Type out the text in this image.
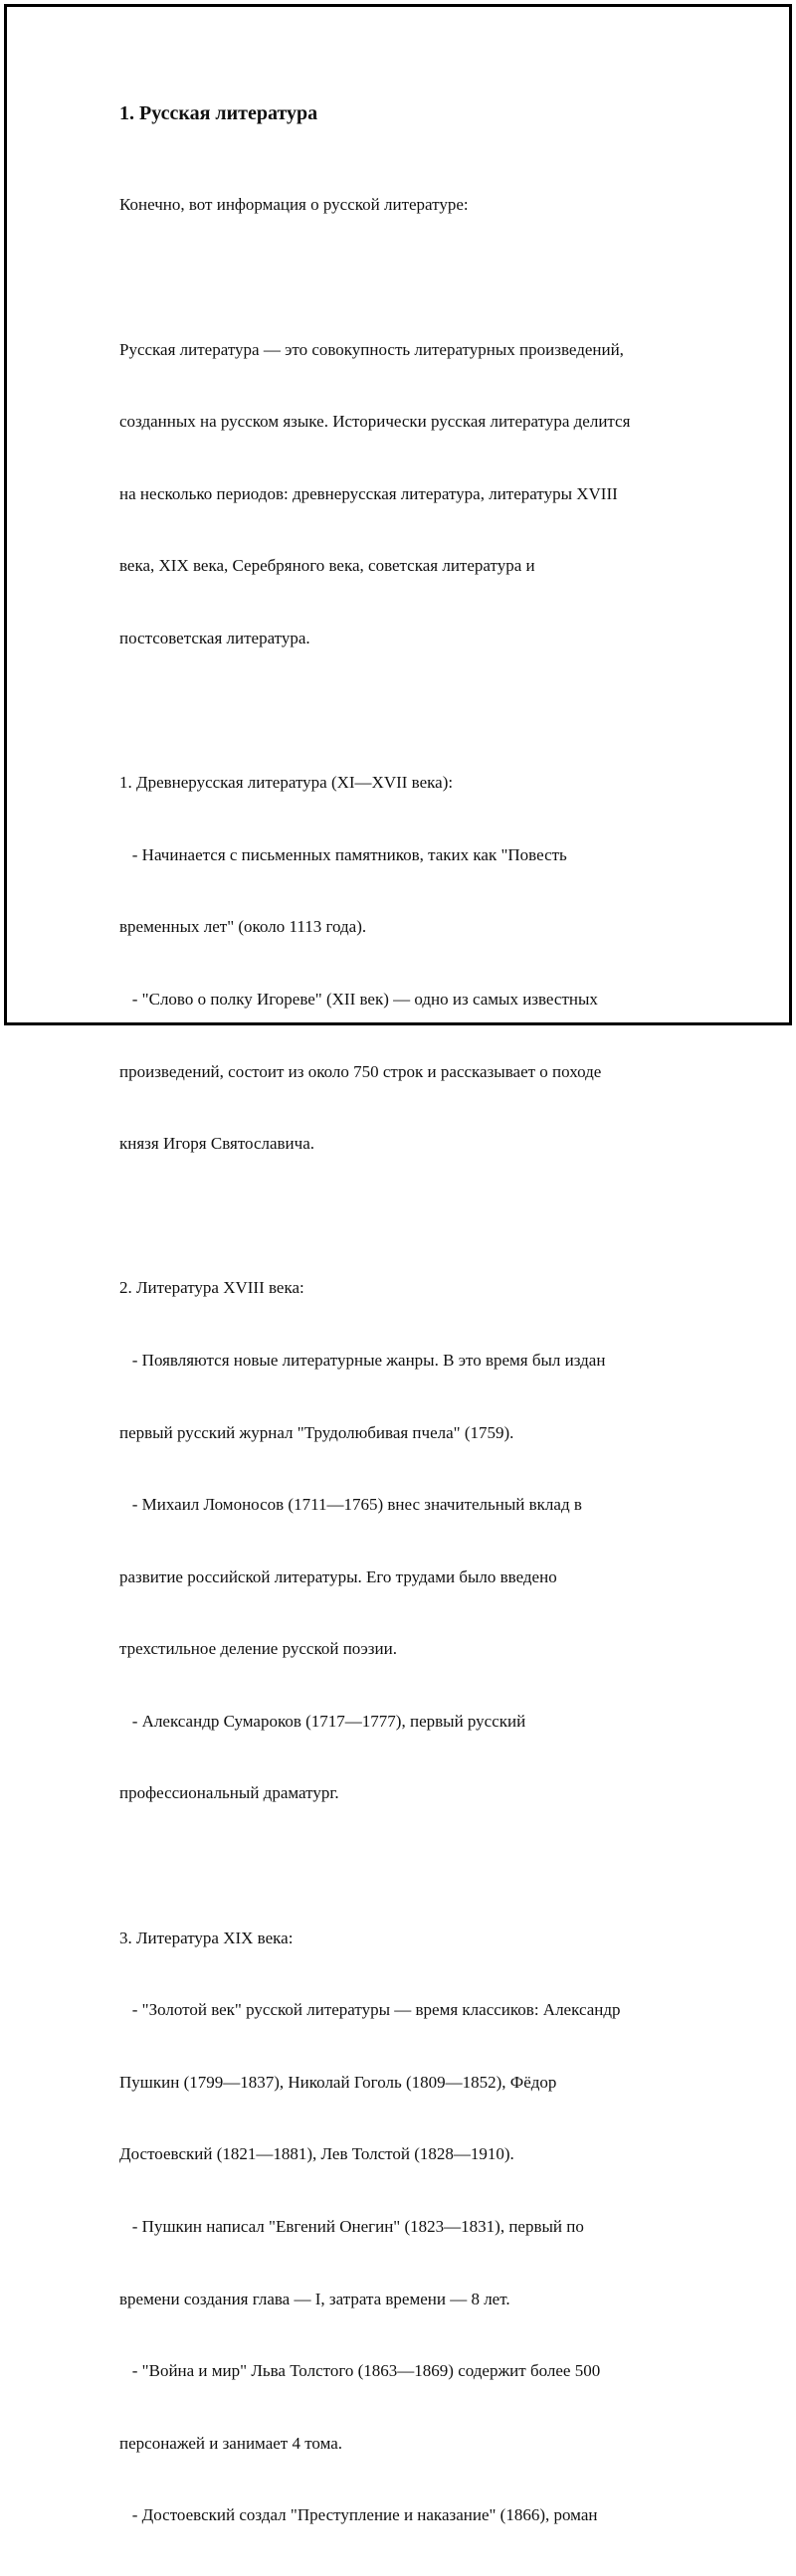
1. Русская литература

Конечно, вот информация о русской литературе:

Русская литература — это совокупность литературных произведений,

созданных на русском языке. Исторически русская литература делится

на несколько периодов: древнерусская литература, литературы XVIII

века, XIX века, Серебряного века, советская литература и

постсоветская литература.

1. Древнерусская литература (XI—XVII века):

- Начинается с письменных памятников, таких как "Повесть

временных лет" (около 1113 года).

- "Слово о полку Игореве" (XII век) — одно из самых известных

произведений, состоит из около 750 строк и рассказывает о походе

князя Игоря Святославича.

2. Литература XVIII века:

- Появляются новые литературные жанры. В это время был издан

первый русский журнал "Трудолюбивая пчела" (1759).

- Михаил Ломоносов (1711—1765) внес значительный вклад в

развитие российской литературы. Его трудами было введено

трехстильное деление русской поэзии.

- Александр Сумароков (1717—1777), первый русский

профессиональный драматург.

3. Литература XIX века:

- "Золотой век" русской литературы — время классиков: Александр

Пушкин (1799—1837), Николай Гоголь (1809—1852), Фёдор

Достоевский (1821—1881), Лев Толстой (1828—1910).

- Пушкин написал "Евгений Онегин" (1823—1831), первый по

времени создания глава — I, затрата времени — 8 лет.

- "Война и мир" Льва Толстого (1863—1869) содержит более 500

персонажей и занимает 4 тома.

- Достоевский создал "Преступление и наказание" (1866), роман
